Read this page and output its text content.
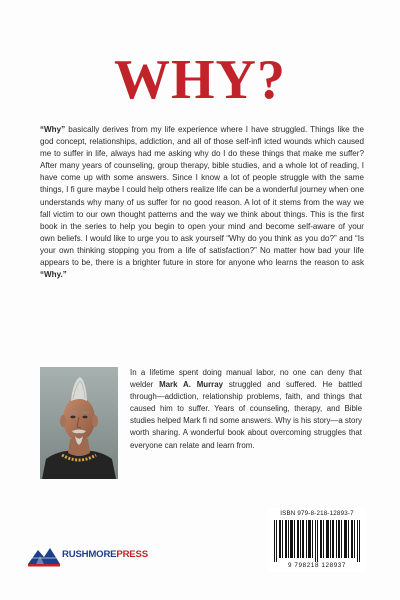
WHY?

“Why” basically derives from my life experience where I have struggled. Things like the god concept, relationships, addiction, and all of those self-infl icted wounds which caused me to suffer in life, always had me asking why do I do these things that make me suffer? After many years of counseling, group therapy, bible studies, and a whole lot of reading, I have come up with some answers. Since I know a lot of people struggle with the same things, I fi gure maybe I could help others realize life can be a wonderful journey when one understands why many of us suffer for no good reason. A lot of it stems from the way we fall victim to our own thought patterns and the way we think about things. This is the first book in the series to help you begin to open your mind and become self-aware of your own beliefs. I would like to urge you to ask yourself “Why do you think as you do?” and “Is your own thinking stopping you from a life of satisfaction?” No matter how bad your life appears to be, there is a brighter future in store for anyone who learns the reason to ask “Why.”

In a lifetime spent doing manual labor, no one can deny that welder Mark A. Murray struggled and suffered. He battled through—addiction, relationship problems, faith, and things that caused him to suffer. Years of counseling, therapy, and Bible studies helped Mark fi nd some answers. Why is his story—a story worth sharing. A wonderful book about overcoming struggles that everyone can relate and learn from.

ISBN 979-8-218-12893-7
9 798218 128937
RUSHMOREPRESS
